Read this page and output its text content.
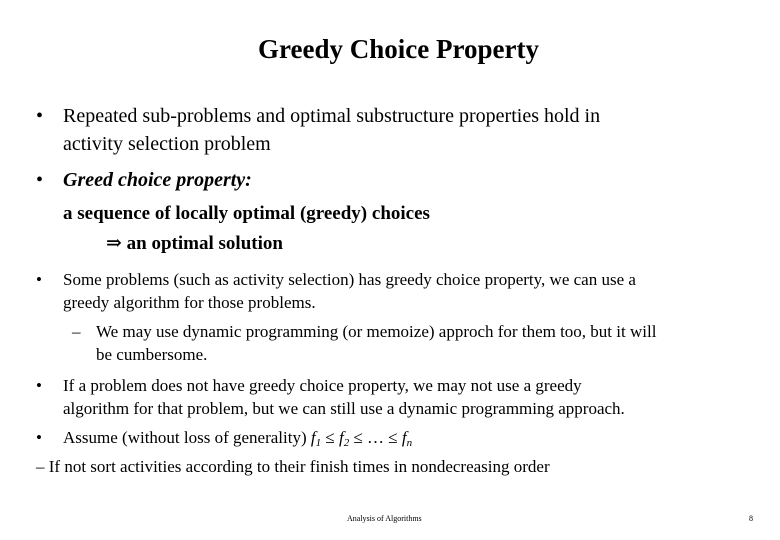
Greedy Choice Property
• Repeated sub-problems and optimal substructure properties hold in
activity selection problem
• Greed choice property:
a sequence of locally optimal (greedy) choices
⇒ an optimal solution
•	Some problems (such as activity selection) has greedy choice property, we can use a
greedy algorithm for those problems.
– We may use dynamic programming (or memoize) approch for them too, but it will
be cumbersome.
•	If a problem does not have greedy choice property, we may not use a greedy
algorithm for that problem, but we can still use a dynamic programming approach.
•	Assume (without loss of generality) $f_1 \le f_2$ ≤ … ≤ $f_n$
– If not sort activities according to their finish times in nondecreasing order
Analysis of Algorithms	8
